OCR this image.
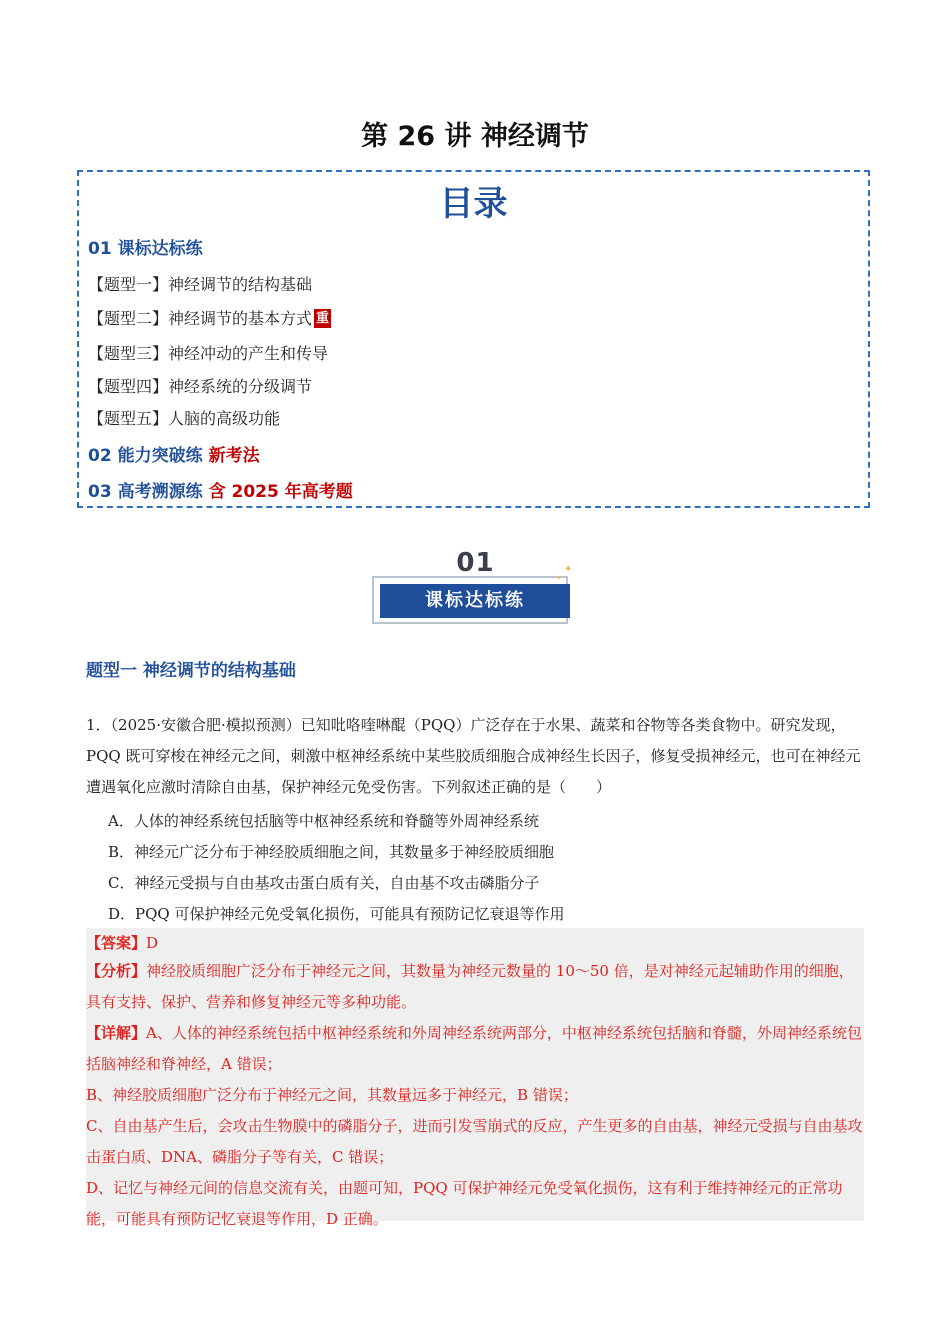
第 26 讲 神经调节
目录
01 课标达标练
【题型一】神经调节的结构基础
【题型二】神经调节的基本方式 重
【题型三】神经冲动的产生和传导
【题型四】神经系统的分级调节
【题型五】人脑的高级功能
02 能力突破练 新考法
03 高考溯源练 含 2025 年高考题
01
课标达标练
✦
✦
题型一 神经调节的结构基础
1．（2025·安徽合肥·模拟预测）已知吡咯喹啉醌（PQQ）广泛存在于水果、蔬菜和谷物等各类食物中。研究发现，PQQ 既可穿梭在神经元之间，刺激中枢神经系统中某些胶质细胞合成神经生长因子，修复受损神经元，也可在神经元遭遇氧化应激时清除自由基，保护神经元免受伤害。下列叙述正确的是（　　）
A．人体的神经系统包括脑等中枢神经系统和脊髓等外周神经系统
B．神经元广泛分布于神经胶质细胞之间，其数量多于神经胶质细胞
C．神经元受损与自由基攻击蛋白质有关，自由基不攻击磷脂分子
D．PQQ 可保护神经元免受氧化损伤，可能具有预防记忆衰退等作用
【答案】D
【分析】神经胶质细胞广泛分布于神经元之间，其数量为神经元数量的 10～50 倍，是对神经元起辅助作用的细胞，具有支持、保护、营养和修复神经元等多种功能。
【详解】A、人体的神经系统包括中枢神经系统和外周神经系统两部分，中枢神经系统包括脑和脊髓，外周神经系统包括脑神经和脊神经，A 错误；
B、神经胶质细胞广泛分布于神经元之间，其数量远多于神经元，B 错误；
C、自由基产生后，会攻击生物膜中的磷脂分子，进而引发雪崩式的反应，产生更多的自由基，神经元受损与自由基攻击蛋白质、DNA、磷脂分子等有关，C 错误；
D、记忆与神经元间的信息交流有关，由题可知，PQQ 可保护神经元免受氧化损伤，这有利于维持神经元的正常功能，可能具有预防记忆衰退等作用，D 正确。
